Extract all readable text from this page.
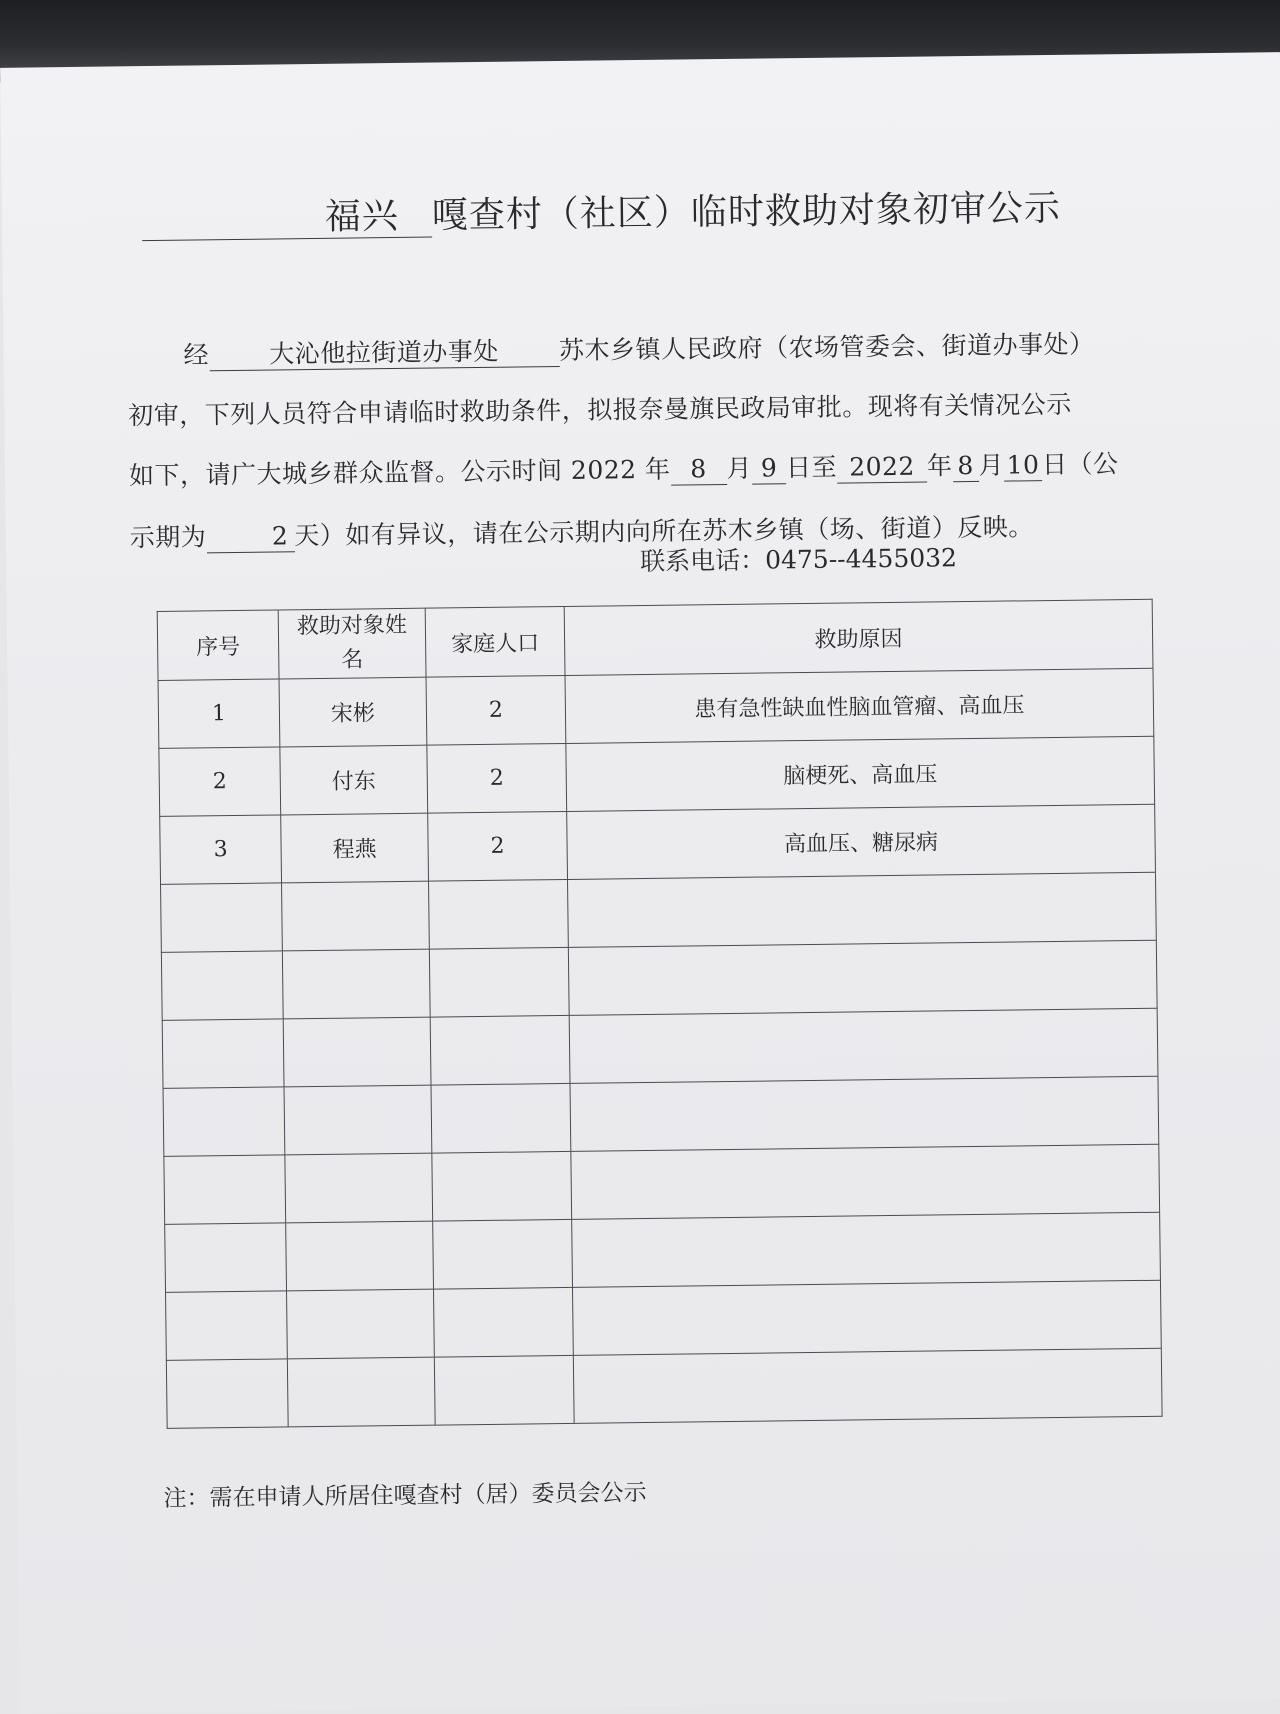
福兴 嘎查村（社区）临时救助对象初审公示
经 大沁他拉街道办事处 苏木乡镇人民政府（农场管委会、街道办事处）
初审，下列人员符合申请临时救助条件，拟报奈曼旗民政局审批。现将有关情况公示
如下，请广大城乡群众监督。公示时间 2022 年 8 月 9 日至 2022 年 8 月10日（公
示期为	2 天）如有异议，请在公示期内向所在苏木乡镇（场、街道）反映。
联系电话：0475--4455032
序号	救助对象姓名	家庭人口	救助原因
1	宋彬	2	患有急性缺血性脑血管瘤、高血压
2	付东	2	脑梗死、高血压
3	程燕	2	高血压、糖尿病

注：需在申请人所居住嘎查村（居）委员会公示
